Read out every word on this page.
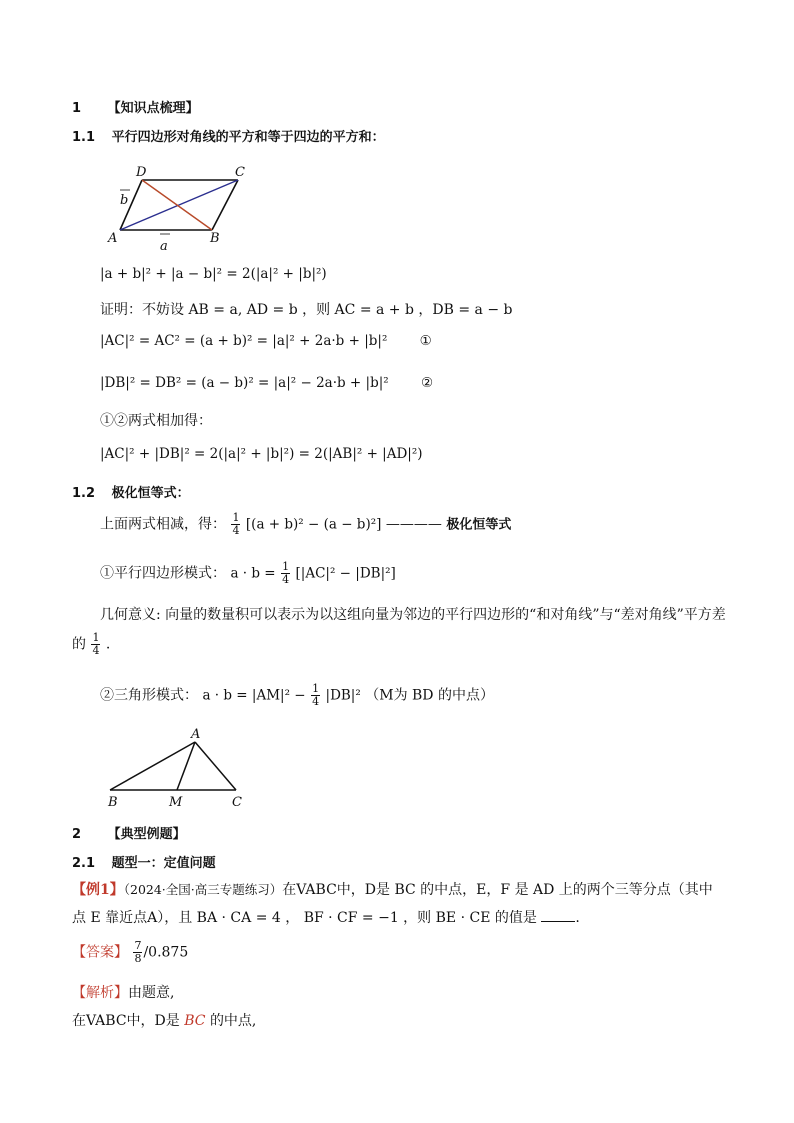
1 【知识点梳理】
1.1 平行四边形对角线的平方和等于四边的平方和：
D	C
A	B
a
b
|a + b|² + |a − b|² = 2(|a|² + |b|²)
证明：不妨设 AB = a, AD = b ，则 AC = a + b ，DB = a − b
|AC|² = AC² = (a + b)² = |a|² + 2a·b + |b|² ①
|DB|² = DB² = (a − b)² = |a|² − 2a·b + |b|² ②
①②两式相加得：
|AC|² + |DB|² = 2(|a|² + |b|²) = 2(|AB|² + |AD|²)
1.2 极化恒等式：
上面两式相减，得： $\frac{1}{4} [(a + b)^2 - (a - b)^2]$ ———— 极化恒等式
①平行四边形模式： $a \cdot b = \frac{1}{4} [|AC|^2 - |DB|^2]$
几何意义: 向量的数量积可以表示为以这组向量为邻边的平行四边形的“和对角线”与“差对角线”平方差
的 $\frac{1}{4}$ .
②三角形模式： $a \cdot b = |AM|^2 - \frac{1}{4} |DB|^2$ （M为 BD 的中点）
A
B	M	C
2 【典型例题】
2.1 题型一：定值问题
【例1】（2024·全国·高三专题练习）在VABC中，D是 BC 的中点，E，F 是 AD 上的两个三等分点（其中
点 E 靠近点A），且 BA · CA = 4 ， BF · CF = −1 ，则 BE · CE 的值是	.
【答案】 $\frac{7}{8} /0.875$
【解析】由题意,
在VABC中，D是 BC 的中点,
